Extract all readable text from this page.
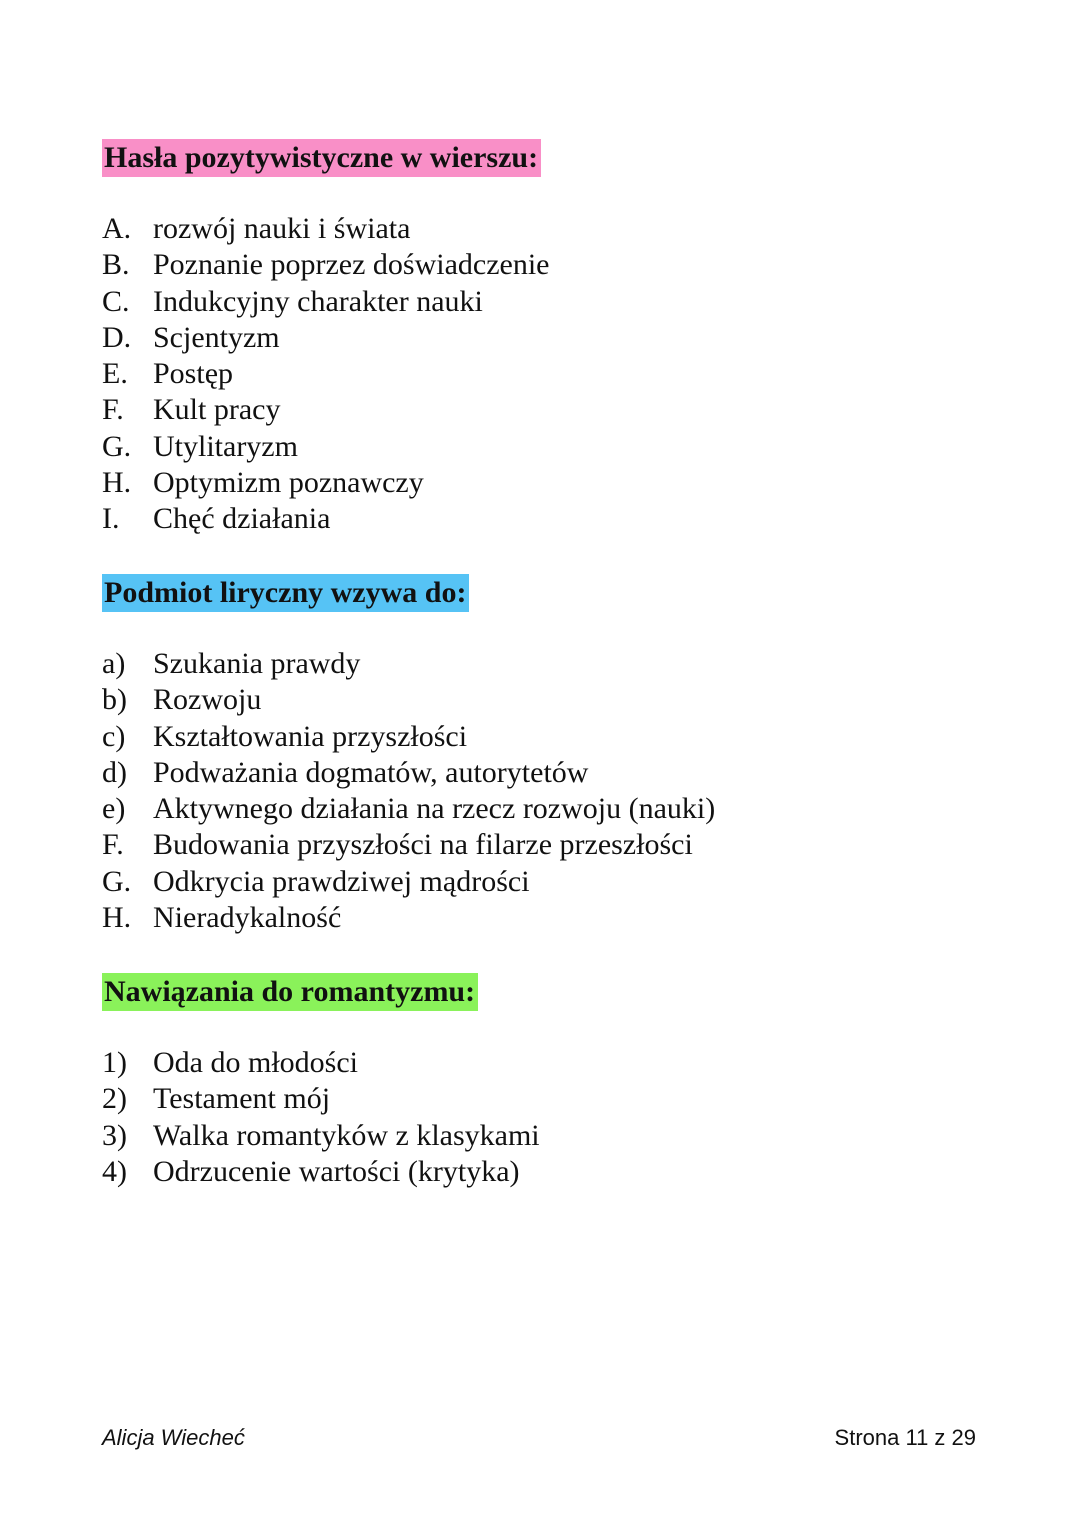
Hasła pozytywistyczne w wierszu:
A. rozwój nauki i świata
B. Poznanie poprzez doświadczenie
C. Indukcyjny charakter nauki
D. Scjentyzm
E. Postęp
F. Kult pracy
G. Utylitaryzm
H. Optymizm poznawczy
I.	Chęć działania
Podmiot liryczny wzywa do:
a) Szukania prawdy
b) Rozwoju
c) Kształtowania przyszłości
d) Podważania dogmatów, autorytetów
e) Aktywnego działania na rzecz rozwoju (nauki)
F. Budowania przyszłości na filarze przeszłości
G. Odkrycia prawdziwej mądrości
H. Nieradykalność
Nawiązania do romantyzmu:
1) Oda do młodości
2) Testament mój
3) Walka romantyków z klasykami
4) Odrzucenie wartości (krytyka)
Alicja Wiecheć	Strona 11 z 29
